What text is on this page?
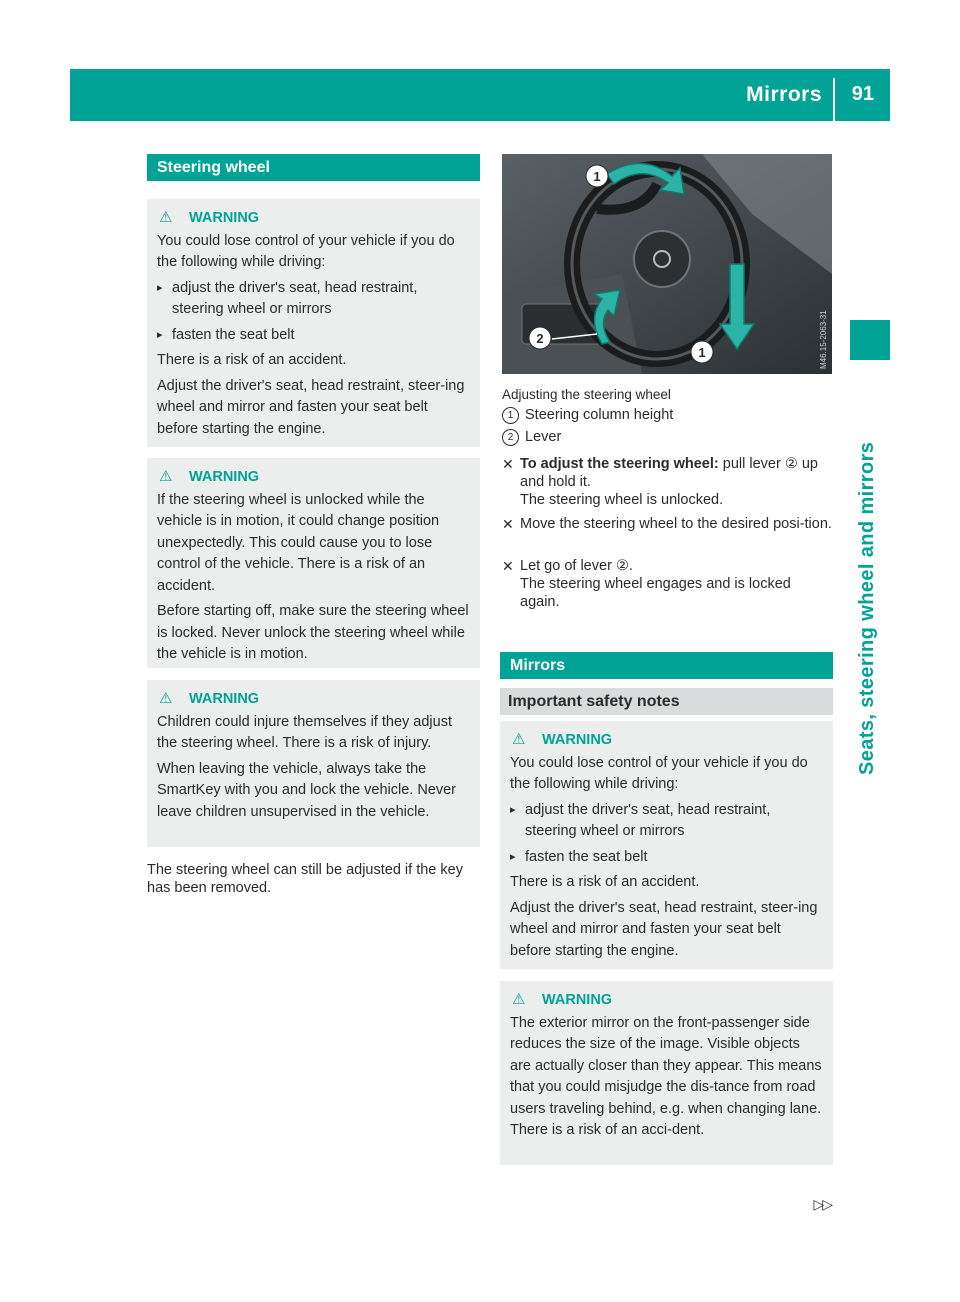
Mirrors 91
Seats, steering wheel and mirrors
Steering wheel
⚠ WARNING

You could lose control of your vehicle if you do the following while driving:

▸ adjust the driver's seat, head restraint, steering wheel or mirrors
▸ fasten the seat belt

There is a risk of an accident.

Adjust the driver's seat, head restraint, steer-ing wheel and mirror and fasten your seat belt before starting the engine.

⚠ WARNING

If the steering wheel is unlocked while the vehicle is in motion, it could change position unexpectedly. This could cause you to lose control of the vehicle. There is a risk of an accident.

Before starting off, make sure the steering wheel is locked. Never unlock the steering wheel while the vehicle is in motion.

⚠ WARNING

Children could injure themselves if they adjust the steering wheel. There is a risk of injury.

When leaving the vehicle, always take the SmartKey with you and lock the vehicle. Never leave children unsupervised in the vehicle.

The steering wheel can still be adjusted if the key has been removed.
1
2
1	M46.15-2063-31
Adjusting the steering wheel
1 Steering column height
2 Lever
✕ To adjust the steering wheel: pull lever ② up and hold it.
The steering wheel is unlocked.
✕ Move the steering wheel to the desired posi-tion.
✕ Let go of lever ②.
The steering wheel engages and is locked again.
Mirrors
Important safety notes
⚠ WARNING

You could lose control of your vehicle if you do the following while driving:

▸ adjust the driver's seat, head restraint, steering wheel or mirrors
▸ fasten the seat belt

There is a risk of an accident.

Adjust the driver's seat, head restraint, steer-ing wheel and mirror and fasten your seat belt before starting the engine.

⚠ WARNING

The exterior mirror on the front-passenger side reduces the size of the image. Visible objects are actually closer than they appear. This means that you could misjudge the dis-tance from road users traveling behind, e.g. when changing lane. There is a risk of an acci-dent.

▷▷
